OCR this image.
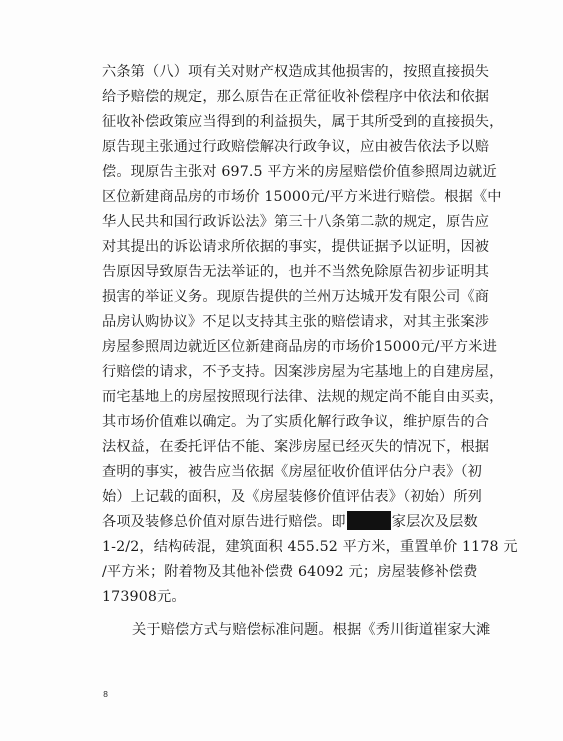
六条第（八）项有关对财产权造成其他损害的，按照直接损失
给予赔偿的规定，那么原告在正常征收补偿程序中依法和依据
征收补偿政策应当得到的利益损失，属于其所受到的直接损失，
原告现主张通过行政赔偿解决行政争议，应由被告依法予以赔
偿。现原告主张对 697.5 平方米的房屋赔偿价值参照周边就近
区位新建商品房的市场价 15000元/平方米进行赔偿。根据《中
华人民共和国行政诉讼法》第三十八条第二款的规定，原告应
对其提出的诉讼请求所依据的事实，提供证据予以证明，因被
告原因导致原告无法举证的，也并不当然免除原告初步证明其
损害的举证义务。现原告提供的兰州万达城开发有限公司《商
品房认购协议》不足以支持其主张的赔偿请求，对其主张案涉
房屋参照周边就近区位新建商品房的市场价15000元/平方米进
行赔偿的请求，不予支持。因案涉房屋为宅基地上的自建房屋，
而宅基地上的房屋按照现行法律、法规的规定尚不能自由买卖，
其市场价值难以确定。为了实质化解行政争议，维护原告的合
法权益，在委托评估不能、案涉房屋已经灭失的情况下，根据
查明的事实，被告应当依据《房屋征收价值评估分户表》（初
始）上记载的面积，及《房屋装修价值评估表》（初始）所列
各项及装修总价值对原告进行赔偿。即	家层次及层数
1-2/2，结构砖混，建筑面积 455.52 平方米，重置单价 1178 元
/平方米；附着物及其他补偿费 64092 元；房屋装修补偿费
173908元。
关于赔偿方式与赔偿标准问题。根据《秀川街道崔家大滩
8
